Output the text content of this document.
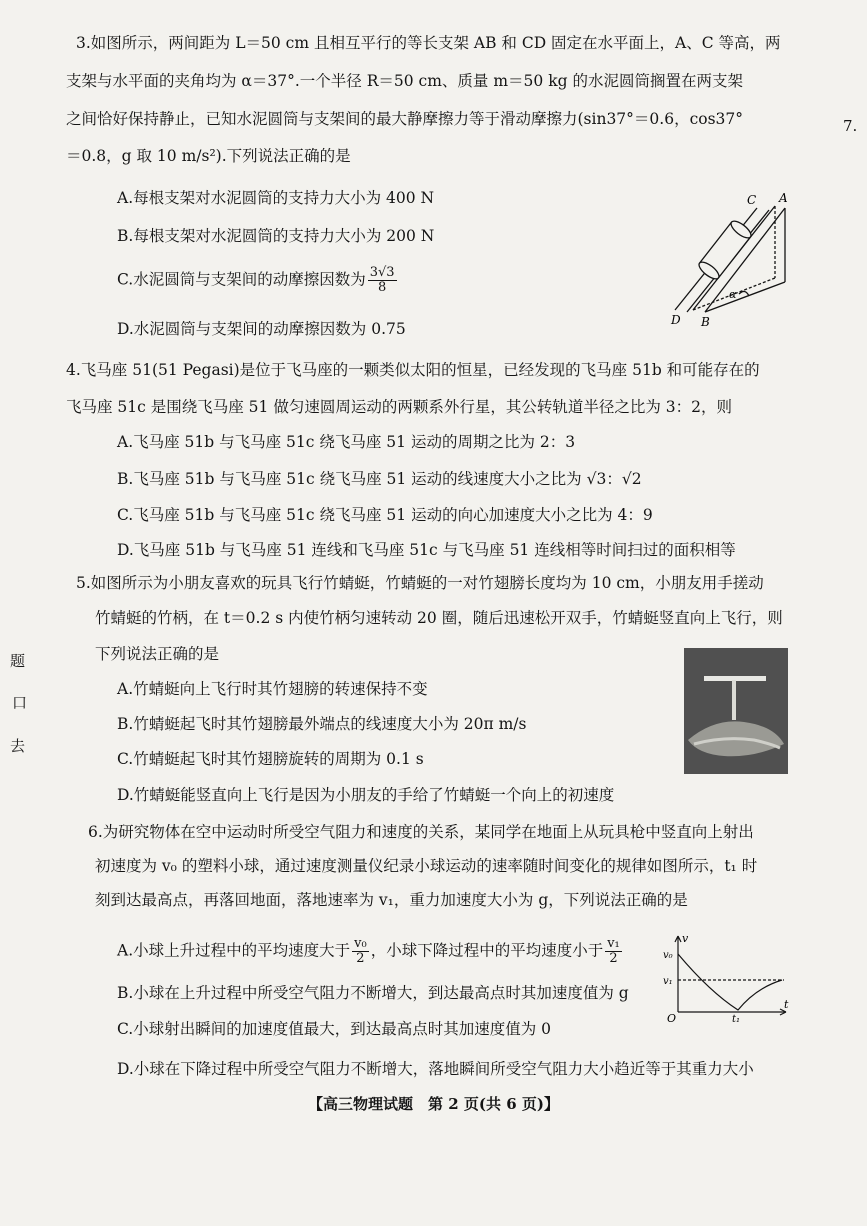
3.如图所示，两间距为 L＝50 cm 且相互平行的等长支架 AB 和 CD 固定在水平面上，A、C 等高，两
支架与水平面的夹角均为 α＝37°.一个半径 R＝50 cm、质量 m＝50 kg 的水泥圆筒搁置在两支架
之间恰好保持静止，已知水泥圆筒与支架间的最大静摩擦力等于滑动摩擦力(sin37°＝0.6，cos37°
＝0.8，g 取 10 m/s²).下列说法正确的是
A.每根支架对水泥圆筒的支持力大小为 400 N
B.每根支架对水泥圆筒的支持力大小为 200 N
C.水泥圆筒与支架间的动摩擦因数为 $\frac{3√3}{8}$
D.水泥圆筒与支架间的动摩擦因数为 0.75
C A
D B
α
7.
4.飞马座 51(51 Pegasi)是位于飞马座的一颗类似太阳的恒星，已经发现的飞马座 51b 和可能存在的
飞马座 51c 是围绕飞马座 51 做匀速圆周运动的两颗系外行星，其公转轨道半径之比为 3：2，则
A.飞马座 51b 与飞马座 51c 绕飞马座 51 运动的周期之比为 2：3
B.飞马座 51b 与飞马座 51c 绕飞马座 51 运动的线速度大小之比为 √3：√2
C.飞马座 51b 与飞马座 51c 绕飞马座 51 运动的向心加速度大小之比为 4：9
D.飞马座 51b 与飞马座 51 连线和飞马座 51c 与飞马座 51 连线相等时间扫过的面积相等
5.如图所示为小朋友喜欢的玩具飞行竹蜻蜓，竹蜻蜓的一对竹翅膀长度均为 10 cm，小朋友用手搓动
竹蜻蜓的竹柄，在 t＝0.2 s 内使竹柄匀速转动 20 圈，随后迅速松开双手，竹蜻蜓竖直向上飞行，则
下列说法正确的是
A.竹蜻蜓向上飞行时其竹翅膀的转速保持不变
B.竹蜻蜓起飞时其竹翅膀最外端点的线速度大小为 20π m/s
C.竹蜻蜓起飞时其竹翅膀旋转的周期为 0.1 s
D.竹蜻蜓能竖直向上飞行是因为小朋友的手给了竹蜻蜓一个向上的初速度
题
口
去
6.为研究物体在空中运动时所受空气阻力和速度的关系，某同学在地面上从玩具枪中竖直向上射出
初速度为 v₀ 的塑料小球，通过速度测量仪纪录小球运动的速率随时间变化的规律如图所示，t₁ 时
刻到达最高点，再落回地面，落地速率为 v₁，重力加速度大小为 g，下列说法正确的是
A.小球上升过程中的平均速度大于 $\frac{\text{v₀}}{2}$ ，小球下降过程中的平均速度小于 $\frac{\text{v₁}}{2}$
B.小球在上升过程中所受空气阻力不断增大，到达最高点时其加速度值为 g
C.小球射出瞬间的加速度值最大，到达最高点时其加速度值为 0
D.小球在下降过程中所受空气阻力不断增大，落地瞬间所受空气阻力大小趋近等于其重力大小
v
v₀
v₁
O
t
t₁
【高三物理试题　第 2 页(共 6 页)】
